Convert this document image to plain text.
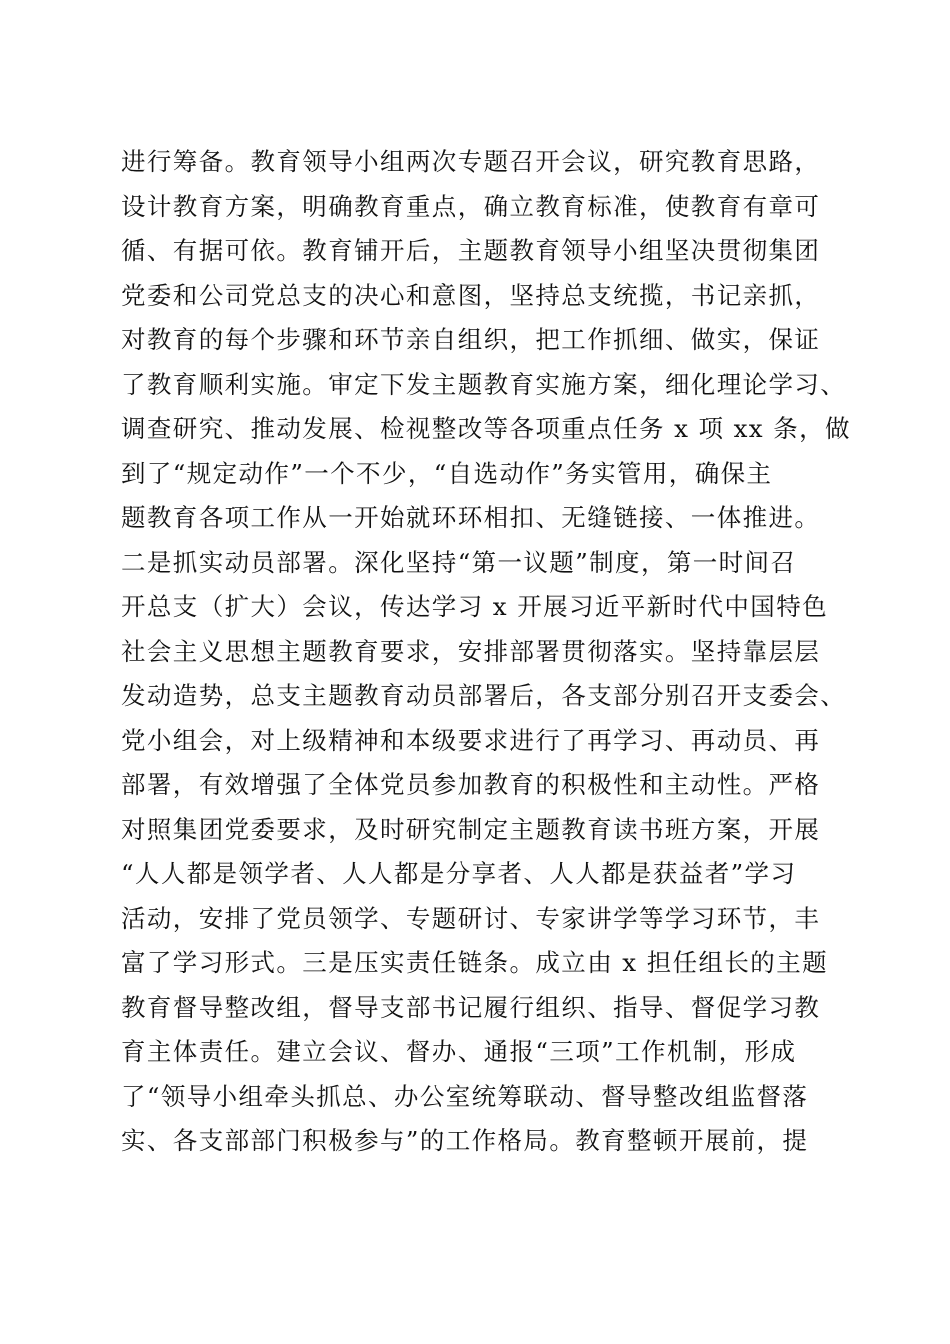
进行筹备。教育领导小组两次专题召开会议，研究教育思路，
设计教育方案，明确教育重点，确立教育标准，使教育有章可
循、有据可依。教育铺开后，主题教育领导小组坚决贯彻集团
党委和公司党总支的决心和意图，坚持总支统揽，书记亲抓，
对教育的每个步骤和环节亲自组织，把工作抓细、做实，保证
了教育顺利实施。审定下发主题教育实施方案，细化理论学习、
调查研究、推动发展、检视整改等各项重点任务 x 项 xx 条，做
到了“规定动作”一个不少，“自选动作”务实管用，确保主
题教育各项工作从一开始就环环相扣、无缝链接、一体推进。
二是抓实动员部署。深化坚持“第一议题”制度，第一时间召
开总支（扩大）会议，传达学习 x 开展习近平新时代中国特色
社会主义思想主题教育要求，安排部署贯彻落实。坚持靠层层
发动造势，总支主题教育动员部署后，各支部分别召开支委会、
党小组会，对上级精神和本级要求进行了再学习、再动员、再
部署，有效增强了全体党员参加教育的积极性和主动性。严格
对照集团党委要求，及时研究制定主题教育读书班方案，开展
“人人都是领学者、人人都是分享者、人人都是获益者”学习
活动，安排了党员领学、专题研讨、专家讲学等学习环节，丰
富了学习形式。三是压实责任链条。成立由 x 担任组长的主题
教育督导整改组，督导支部书记履行组织、指导、督促学习教
育主体责任。建立会议、督办、通报“三项”工作机制，形成
了“领导小组牵头抓总、办公室统筹联动、督导整改组监督落
实、各支部部门积极参与”的工作格局。教育整顿开展前，提
